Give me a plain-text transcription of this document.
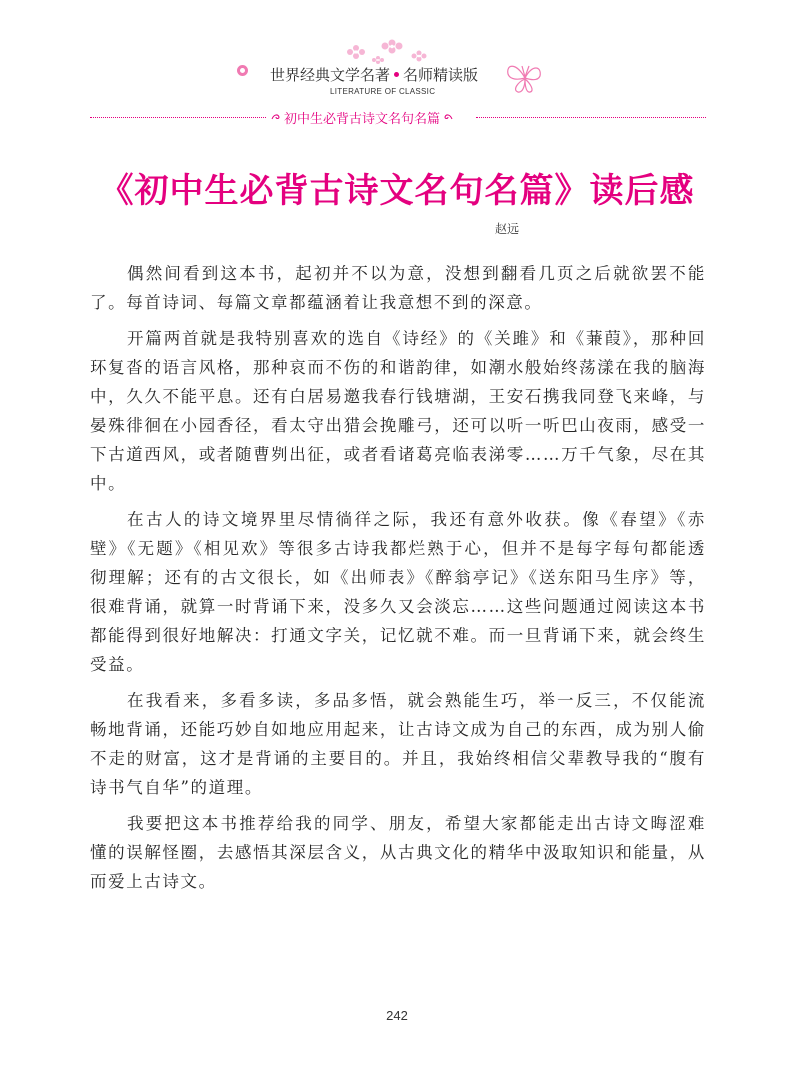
世界经典文学名著 名师精读版
LITERATURE OF CLASSIC
初中生必背古诗文名句名篇
《初中生必背古诗文名句名篇》读后感
赵远

偶然间看到这本书，起初并不以为意，没想到翻看几页之后就欲罢不能了。每首诗词、每篇文章都蕴涵着让我意想不到的深意。

开篇两首就是我特别喜欢的选自《诗经》的《关雎》和《蒹葭》，那种回环复沓的语言风格，那种哀而不伤的和谐韵律，如潮水般始终荡漾在我的脑海中，久久不能平息。还有白居易邀我春行钱塘湖，王安石携我同登飞来峰，与晏殊徘徊在小园香径，看太守出猎会挽雕弓，还可以听一听巴山夜雨，感受一下古道西风，或者随曹刿出征，或者看诸葛亮临表涕零……万千气象，尽在其中。

在古人的诗文境界里尽情徜徉之际，我还有意外收获。像《春望》《赤壁》《无题》《相见欢》等很多古诗我都烂熟于心，但并不是每字每句都能透彻理解；还有的古文很长，如《出师表》《醉翁亭记》《送东阳马生序》等，很难背诵，就算一时背诵下来，没多久又会淡忘……这些问题通过阅读这本书都能得到很好地解决：打通文字关，记忆就不难。而一旦背诵下来，就会终生受益。

在我看来，多看多读，多品多悟，就会熟能生巧，举一反三，不仅能流畅地背诵，还能巧妙自如地应用起来，让古诗文成为自己的东西，成为别人偷不走的财富，这才是背诵的主要目的。并且，我始终相信父辈教导我的“腹有诗书气自华”的道理。

我要把这本书推荐给我的同学、朋友，希望大家都能走出古诗文晦涩难懂的误解怪圈，去感悟其深层含义，从古典文化的精华中汲取知识和能量，从而爱上古诗文。

242
